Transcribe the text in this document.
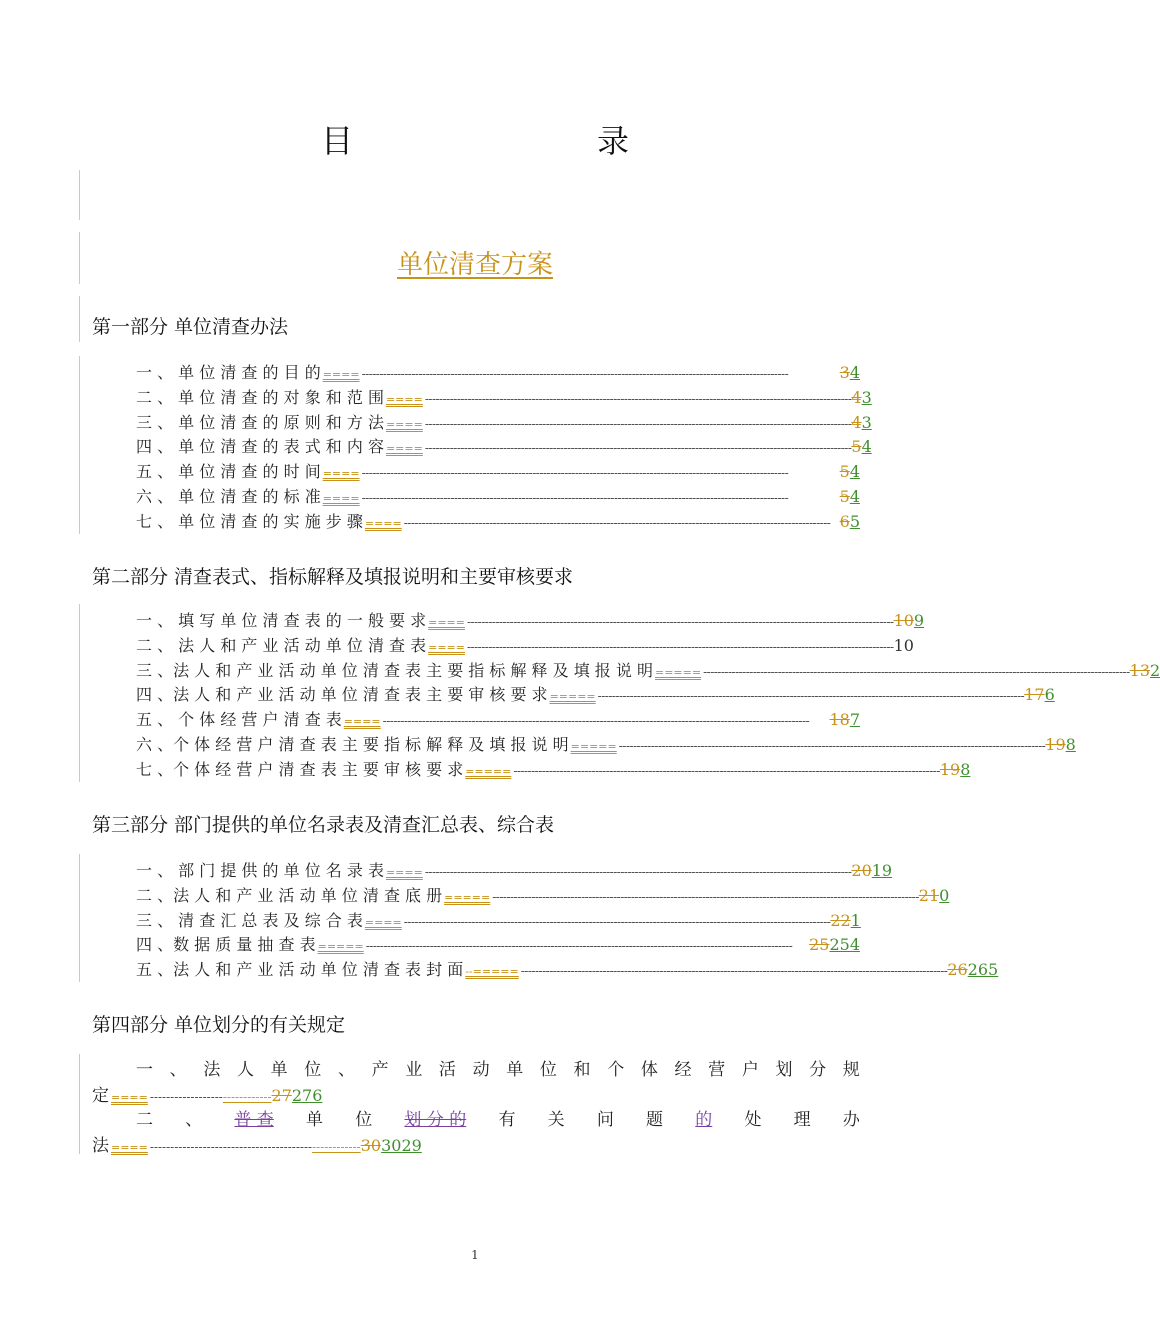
目　　录
单位清查方案
第一部分 单位清查办法
一 、 单 位 清 查 的 目 的 ==== ------------------------------------------------------------------------------------------------------------------------	34
二 、 单 位 清 查 的 对 象 和 范 围 ==== ------------------------------------------------------------------------------------------------------------------------ 43
三 、 单 位 清 查 的 原 则 和 方 法 ==== ------------------------------------------------------------------------------------------------------------------------ 43
四 、 单 位 清 查 的 表 式 和 内 容 ==== ------------------------------------------------------------------------------------------------------------------------ 54
五 、 单 位 清 查 的 时 间 ==== ------------------------------------------------------------------------------------------------------------------------	54
六 、 单 位 清 查 的 标 准 ==== ------------------------------------------------------------------------------------------------------------------------	54
七 、 单 位 清 查 的 实 施 步 骤 ==== ------------------------------------------------------------------------------------------------------------------------ 65
第二部分 清查表式、指标解释及填报说明和主要审核要求
一 、 填 写 单 位 清 查 表 的 一 般 要 求 ==== ------------------------------------------------------------------------------------------------------------------------ 109
二 、 法 人 和 产 业 活 动 单 位 清 查 表 ==== ------------------------------------------------------------------------------------------------------------------------ 10
三 、法 人 和 产 业 活 动 单 位 清 查 表 主 要 指 标 解 释 及 填 报 说 明 ===== ------------------------------------------------------------------------------------------------------------------------ 132
四 、法 人 和 产 业 活 动 单 位 清 查 表 主 要 审 核 要 求 ===== ------------------------------------------------------------------------------------------------------------------------ 176
五 、 个 体 经 营 户 清 查 表 ==== ------------------------------------------------------------------------------------------------------------------------	187
六 、个 体 经 营 户 清 查 表 主 要 指 标 解 释 及 填 报 说 明 ===== ------------------------------------------------------------------------------------------------------------------------ 198
七 、个 体 经 营 户 清 查 表 主 要 审 核 要 求 ===== ------------------------------------------------------------------------------------------------------------------------ 198
第三部分 部门提供的单位名录表及清查汇总表、综合表
一 、 部 门 提 供 的 单 位 名 录 表 ==== ------------------------------------------------------------------------------------------------------------------------ 2019
二 、法 人 和 产 业 活 动 单 位 清 查 底 册 ===== ------------------------------------------------------------------------------------------------------------------------ 210
三 、 清 查 汇 总 表 及 综 合 表 ==== ------------------------------------------------------------------------------------------------------------------------ 221
四 、数 据 质 量 抽 查 表 ===== ------------------------------------------------------------------------------------------------------------------------	25254
五 、法 人 和 产 业 活 动 单 位 清 查 表 封 面 --===== ------------------------------------------------------------------------------------------------------------------------ 26265
第四部分 单位划分的有关规定
一 、 法 人 单 位 、 产 业 活 动 单 位 和 个 体 经 营 户 划 分 规
定 ==== ------------------ ------------ 27276
二 、 普 查 单 位 划 分 的 有 关 问 题 的 处 理 办
法 ==== ---------------------------------------- ------------ 303029
1
